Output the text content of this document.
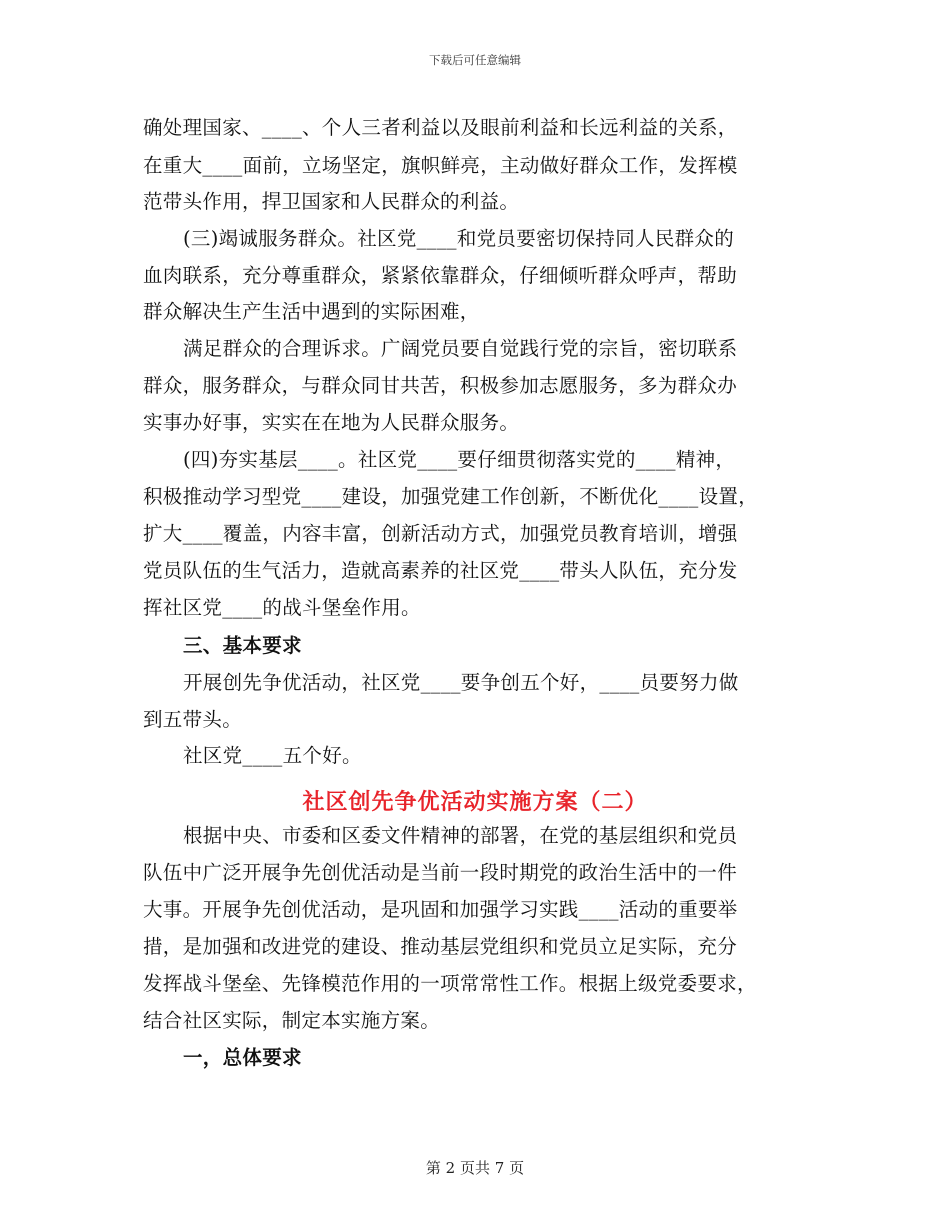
下载后可任意编辑
确处理国家、____、个人三者利益以及眼前利益和长远利益的关系，
在重大____面前，立场坚定，旗帜鲜亮，主动做好群众工作，发挥模
范带头作用，捍卫国家和人民群众的利益。
(三)竭诚服务群众。社区党____和党员要密切保持同人民群众的
血肉联系，充分尊重群众，紧紧依靠群众，仔细倾听群众呼声，帮助
群众解决生产生活中遇到的实际困难，
满足群众的合理诉求。广阔党员要自觉践行党的宗旨，密切联系
群众，服务群众，与群众同甘共苦，积极参加志愿服务，多为群众办
实事办好事，实实在在地为人民群众服务。
(四)夯实基层____。社区党____要仔细贯彻落实党的____精神，
积极推动学习型党____建设，加强党建工作创新，不断优化____设置，
扩大____覆盖，内容丰富，创新活动方式，加强党员教育培训，增强
党员队伍的生气活力，造就高素养的社区党____带头人队伍，充分发
挥社区党____的战斗堡垒作用。
三、基本要求
开展创先争优活动，社区党____要争创五个好，____员要努力做
到五带头。
社区党____五个好。
社区创先争优活动实施方案（二）
根据中央、市委和区委文件精神的部署，在党的基层组织和党员
队伍中广泛开展争先创优活动是当前一段时期党的政治生活中的一件
大事。开展争先创优活动，是巩固和加强学习实践____活动的重要举
措，是加强和改进党的建设、推动基层党组织和党员立足实际，充分
发挥战斗堡垒、先锋模范作用的一项常常性工作。根据上级党委要求，
结合社区实际，制定本实施方案。
一，总体要求
第 2 页共 7 页
